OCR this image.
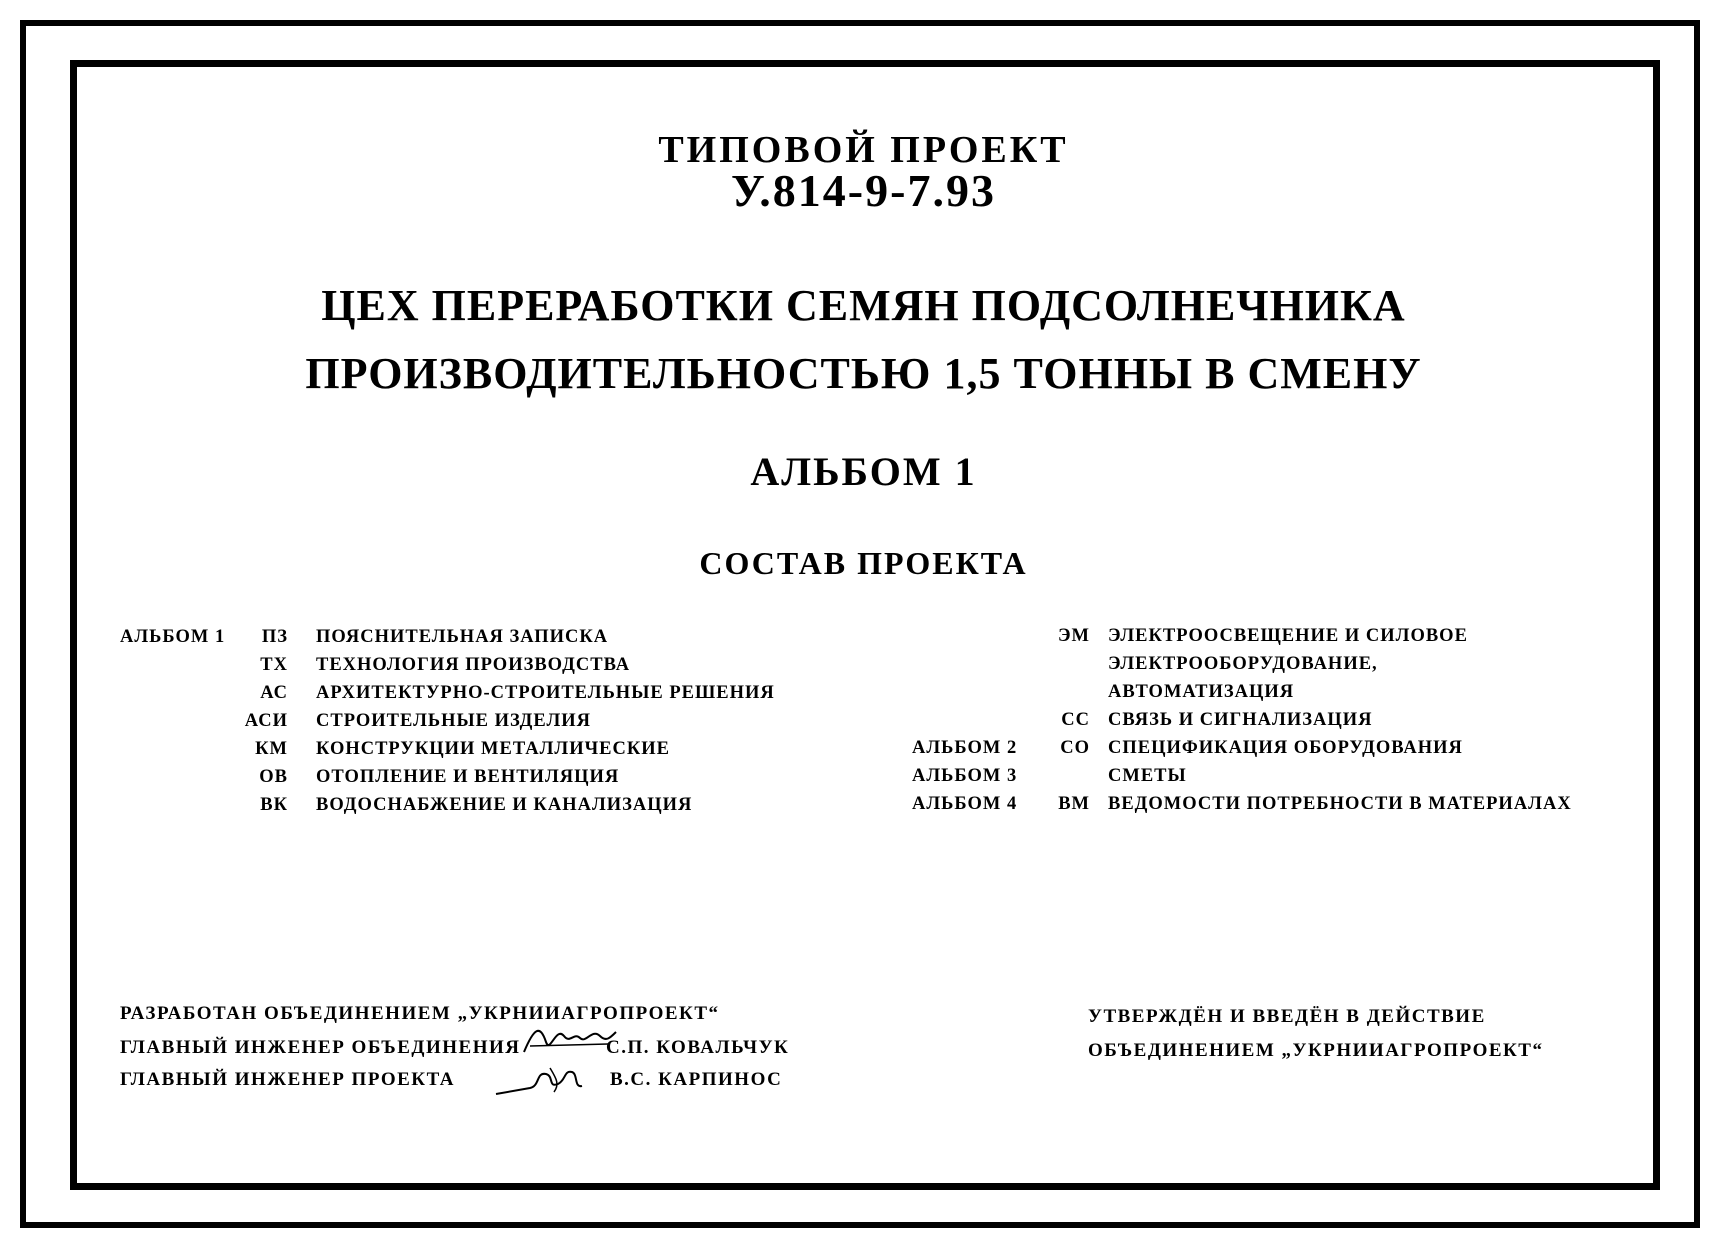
ТИПОВОЙ ПРОЕКТ
У.814-9-7.93
ЦЕХ ПЕРЕРАБОТКИ СЕМЯН ПОДСОЛНЕЧНИКА
ПРОИЗВОДИТЕЛЬНОСТЬЮ 1,5 ТОННЫ В СМЕНУ
АЛЬБОМ 1
СОСТАВ ПРОЕКТА
АЛЬБОМ 1	ПЗ ПОЯСНИТЕЛЬНАЯ ЗАПИСКА
ТХ ТЕХНОЛОГИЯ ПРОИЗВОДСТВА
АС АРХИТЕКТУРНО-СТРОИТЕЛЬНЫЕ РЕШЕНИЯ
АСИ СТРОИТЕЛЬНЫЕ ИЗДЕЛИЯ
КМ КОНСТРУКЦИИ МЕТАЛЛИЧЕСКИЕ
ОВ ОТОПЛЕНИЕ И ВЕНТИЛЯЦИЯ
ВК ВОДОСНАБЖЕНИЕ И КАНАЛИЗАЦИЯ
ЭМ ЭЛЕКТРООСВЕЩЕНИЕ И СИЛОВОЕ
ЭЛЕКТРООБОРУДОВАНИЕ,
АВТОМАТИЗАЦИЯ
СС СВЯЗЬ И СИГНАЛИЗАЦИЯ
АЛЬБОМ 2	СО СПЕЦИФИКАЦИЯ ОБОРУДОВАНИЯ
АЛЬБОМ 3	СМЕТЫ
АЛЬБОМ 4	ВМ ВЕДОМОСТИ ПОТРЕБНОСТИ В МАТЕРИАЛАХ
РАЗРАБОТАН ОБЪЕДИНЕНИЕМ „УКРНИИАГРОПРОЕКТ“
ГЛАВНЫЙ ИНЖЕНЕР ОБЪЕДИНЕНИЯ	С.П. КОВАЛЬЧУК
ГЛАВНЫЙ ИНЖЕНЕР ПРОЕКТА	В.С. КАРПИНОС
УТВЕРЖДЁН И ВВЕДЁН В ДЕЙСТВИЕ
ОБЪЕДИНЕНИЕМ „УКРНИИАГРОПРОЕКТ“
